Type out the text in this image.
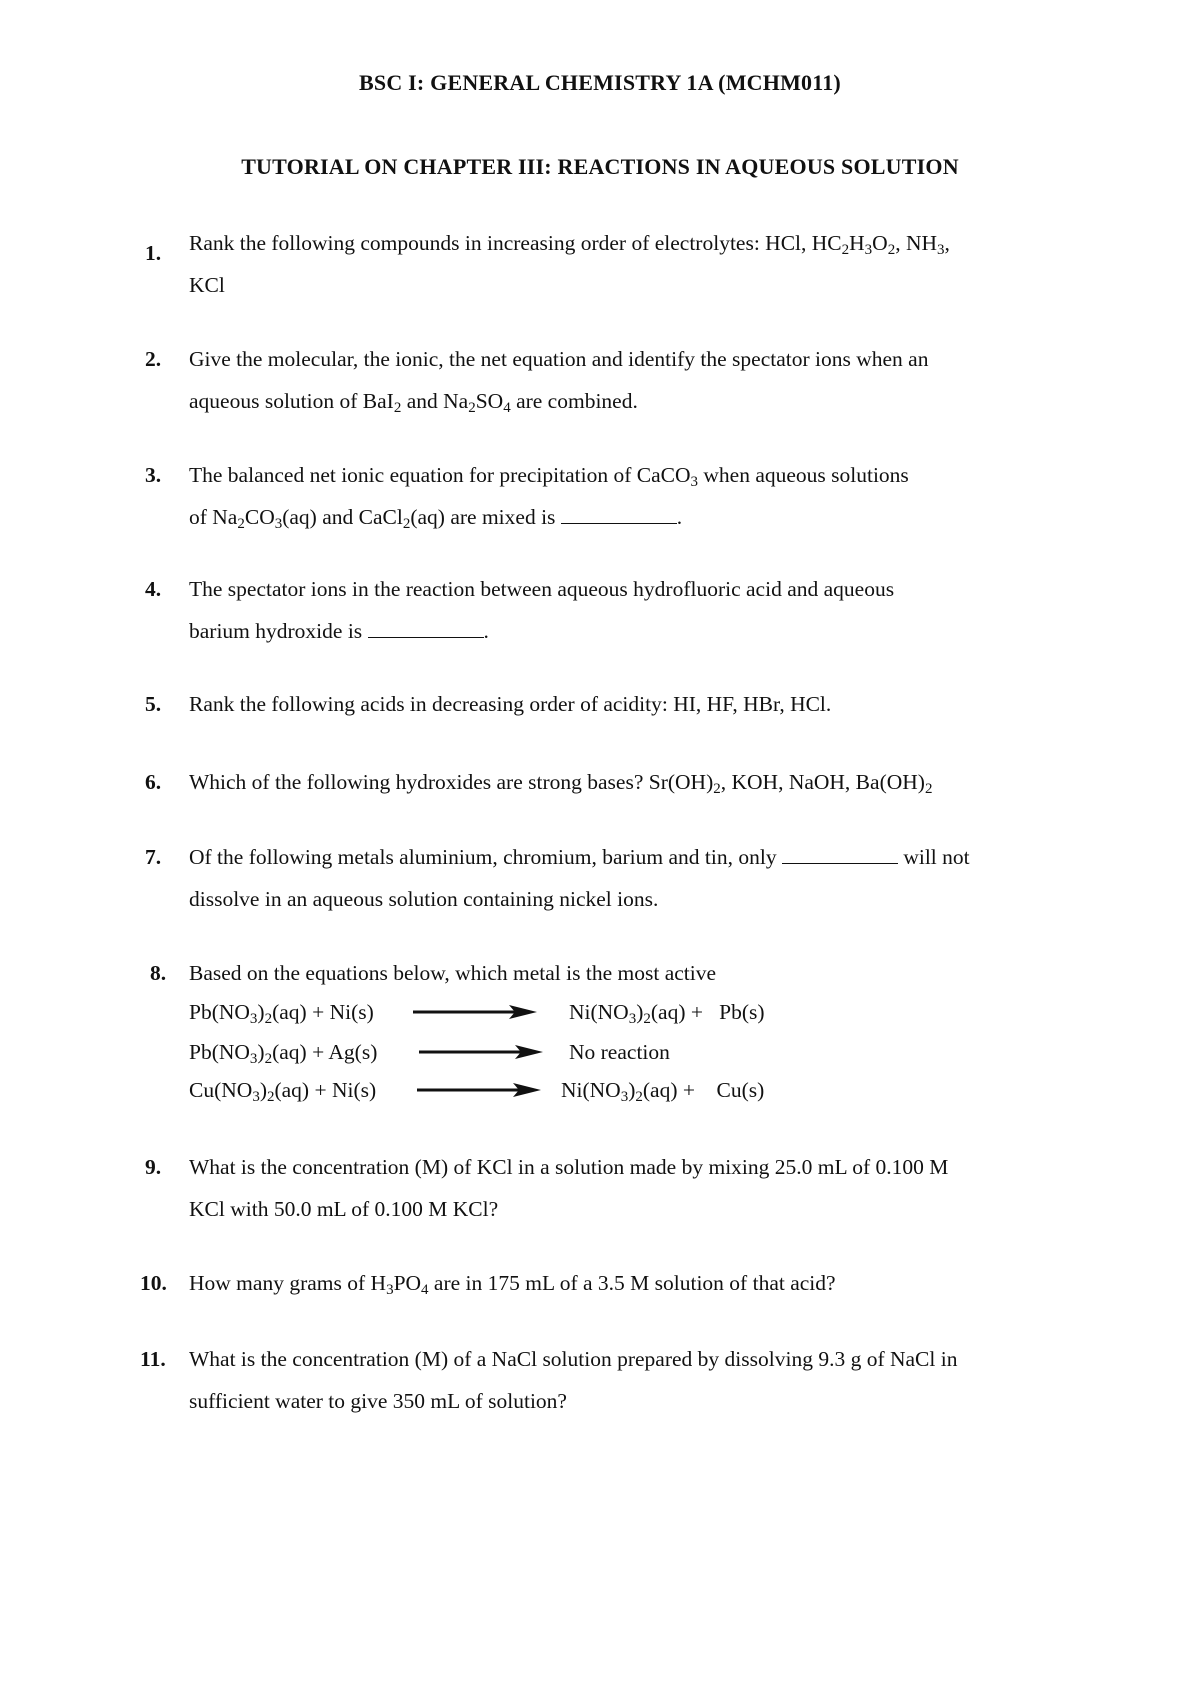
BSC I: GENERAL CHEMISTRY 1A (MCHM011)
TUTORIAL ON CHAPTER III: REACTIONS IN AQUEOUS SOLUTION
1.	Rank the following compounds in increasing order of electrolytes: HCl, $HC_2H_3O_2$, $NH_3$,
KCl
2.	Give the molecular, the ionic, the net equation and identify the spectator ions when an
aqueous solution of BaI$_2$ and $Na_2SO_4$ are combined.
3.	The balanced net ionic equation for precipitation of CaCO$_3$ when aqueous solutions
of $Na_2CO_3(aq)$ and CaCl$_2$(aq) are mixed is	.
4.	The spectator ions in the reaction between aqueous hydrofluoric acid and aqueous
barium hydroxide is	.
5.	Rank the following acids in decreasing order of acidity: HI, HF, HBr, HCl.
6.	Which of the following hydroxides are strong bases? $Sr(OH)_2$, KOH, NaOH, $Ba(OH)_2$
7.	Of the following metals aluminium, chromium, barium and tin, only	will not
dissolve in an aqueous solution containing nickel ions.
8.	Based on the equations below, which metal is the most active
$Pb(NO_3)_2(aq) + Ni(s)$	$Ni(NO_3)_2(aq) + Pb(s)$
$Pb(NO_3)_2(aq) + Ag(s)$	No reaction
$Cu(NO_3)_2(aq) + Ni(s)$	$Ni(NO_3)_2(aq)$ +    Cu(s)
9.	What is the concentration (M) of KCl in a solution made by mixing 25.0 mL of 0.100 M
KCl with 50.0 mL of 0.100 M KCl?
10.	How many grams of $H_3PO_4$ are in 175 mL of a 3.5 M solution of that acid?
11.	What is the concentration (M) of a NaCl solution prepared by dissolving 9.3 g of NaCl in
sufficient water to give 350 mL of solution?
